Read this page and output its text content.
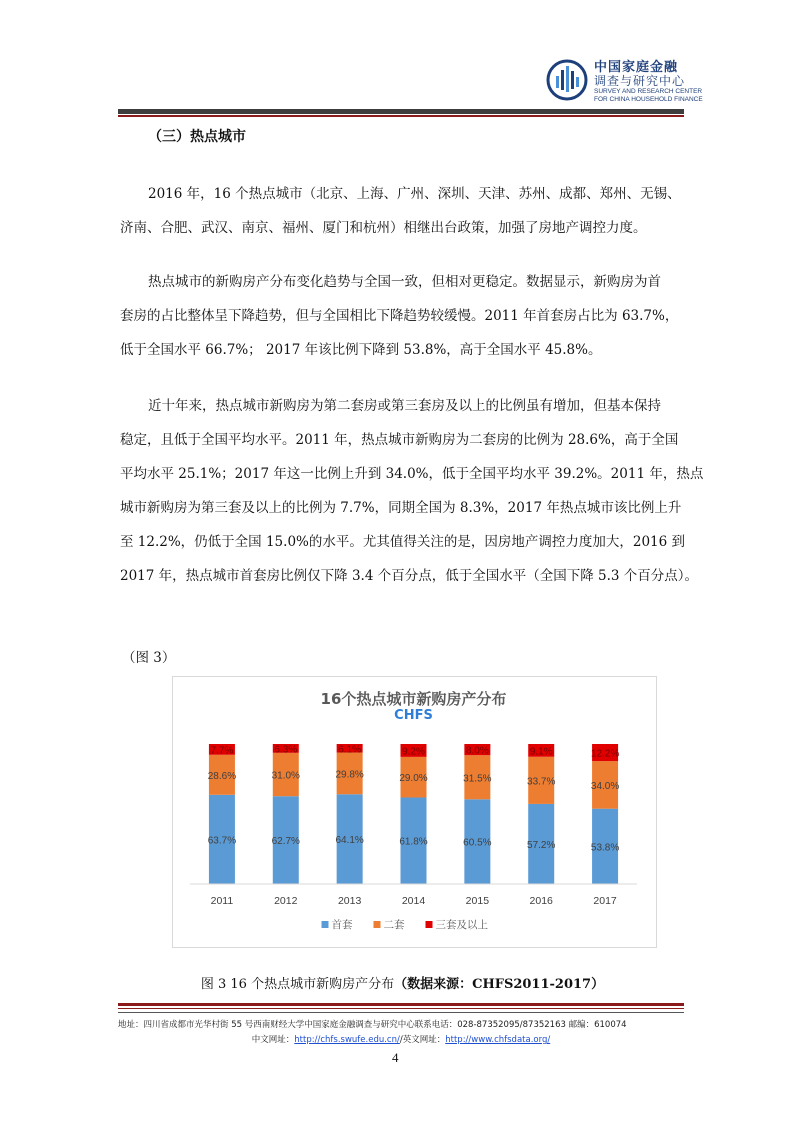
中国家庭金融
调查与研究中心
SURVEY AND RESEARCH CENTER
FOR CHINA HOUSEHOLD FINANCE
（三）热点城市
2016 年，16 个热点城市（北京、上海、广州、深圳、天津、苏州、成都、郑州、无锡、
济南、合肥、武汉、南京、福州、厦门和杭州）相继出台政策，加强了房地产调控力度。
热点城市的新购房产分布变化趋势与全国一致，但相对更稳定。数据显示，新购房为首
套房的占比整体呈下降趋势，但与全国相比下降趋势较缓慢。2011 年首套房占比为 63.7%，
低于全国水平 66.7%； 2017 年该比例下降到 53.8%，高于全国水平 45.8%。
近十年来，热点城市新购房为第二套房或第三套房及以上的比例虽有增加，但基本保持
稳定，且低于全国平均水平。2011 年，热点城市新购房为二套房的比例为 28.6%，高于全国
平均水平 25.1%；2017 年这一比例上升到 34.0%，低于全国平均水平 39.2%。2011 年，热点
城市新购房为第三套及以上的比例为 7.7%，同期全国为 8.3%，2017 年热点城市该比例上升
至 12.2%，仍低于全国 15.0%的水平。尤其值得关注的是，因房地产调控力度加大，2016 到
2017 年，热点城市首套房比例仅下降 3.4 个百分点，低于全国水平（全国下降 5.3 个百分点）。
（图 3）
16个热点城市新购房产分布
CHFS
63.7%
28.6%
7.7%
2011
62.7%
31.0%
6.3%
2012
64.1%
29.8%
6.1%
2013
61.8%
29.0%
9.2%
2014
60.5%
31.5%
8.0%
2015
57.2%
33.7%
9.1%
2016
53.8%
34.0%
12.2%
2017
首套	二套	三套及以上
图 3 16 个热点城市新购房产分布（数据来源：CHFS2011-2017）
地址：四川省成都市光华村街 55 号西南财经大学中国家庭金融调查与研究中心联系电话：028-87352095/87352163 邮编：610074
中文网址：http://chfs.swufe.edu.cn//英文网址：http://www.chfsdata.org/
4
